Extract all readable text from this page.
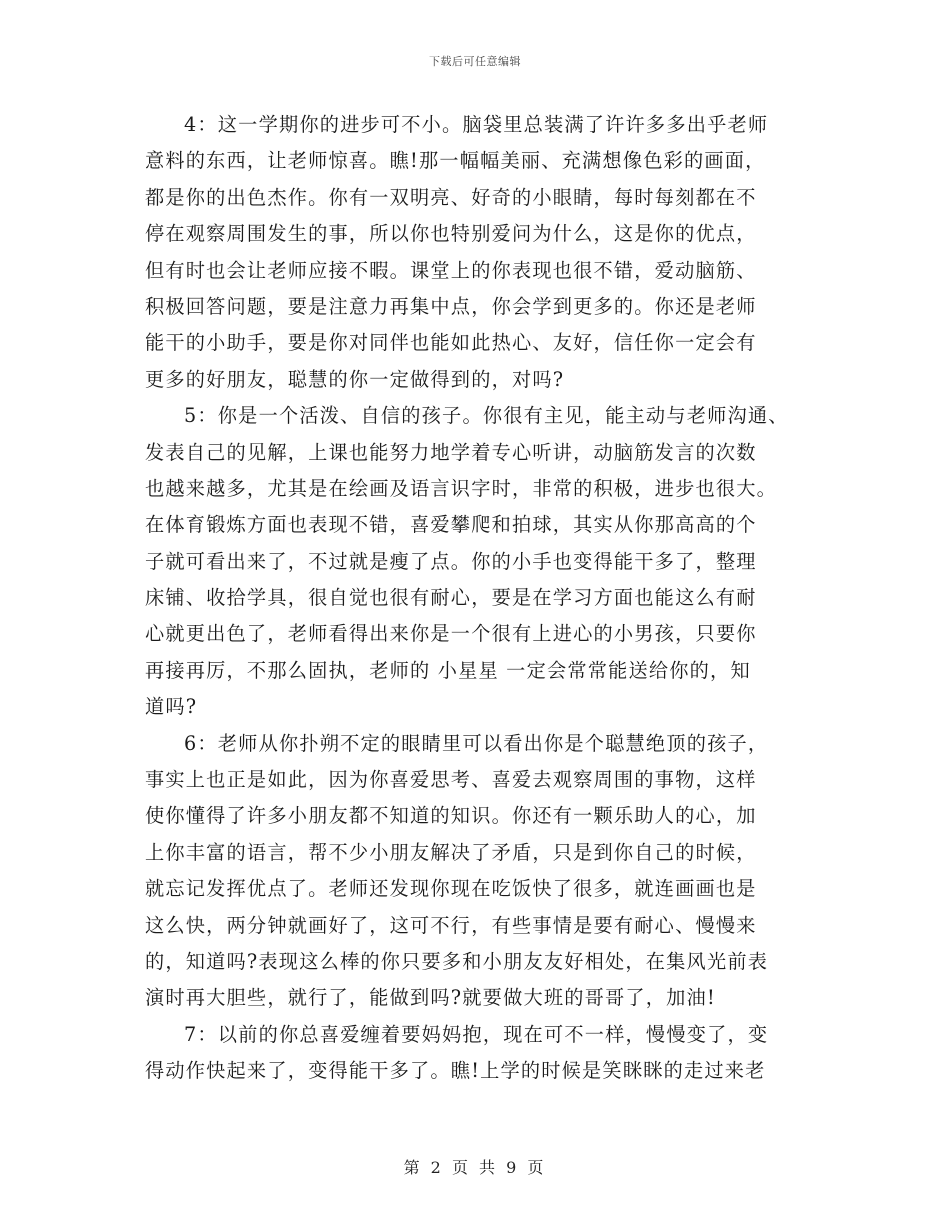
下载后可任意编辑
4：这一学期你的进步可不小。脑袋里总装满了许许多多出乎老师
意料的东西，让老师惊喜。瞧!那一幅幅美丽、充满想像色彩的画面，
都是你的出色杰作。你有一双明亮、好奇的小眼睛，每时每刻都在不
停在观察周围发生的事，所以你也特别爱问为什么，这是你的优点，
但有时也会让老师应接不暇。课堂上的你表现也很不错，爱动脑筋、
积极回答问题，要是注意力再集中点，你会学到更多的。你还是老师
能干的小助手，要是你对同伴也能如此热心、友好，信任你一定会有
更多的好朋友，聪慧的你一定做得到的，对吗?
5：你是一个活泼、自信的孩子。你很有主见，能主动与老师沟通、
发表自己的见解，上课也能努力地学着专心听讲，动脑筋发言的次数
也越来越多，尤其是在绘画及语言识字时，非常的积极，进步也很大。
在体育锻炼方面也表现不错，喜爱攀爬和拍球，其实从你那高高的个
子就可看出来了，不过就是瘦了点。你的小手也变得能干多了，整理
床铺、收拾学具，很自觉也很有耐心，要是在学习方面也能这么有耐
心就更出色了，老师看得出来你是一个很有上进心的小男孩，只要你
再接再厉，不那么固执，老师的 小星星 一定会常常能送给你的，知
道吗?
6：老师从你扑朔不定的眼睛里可以看出你是个聪慧绝顶的孩子，
事实上也正是如此，因为你喜爱思考、喜爱去观察周围的事物，这样
使你懂得了许多小朋友都不知道的知识。你还有一颗乐助人的心，加
上你丰富的语言，帮不少小朋友解决了矛盾，只是到你自己的时候，
就忘记发挥优点了。老师还发现你现在吃饭快了很多，就连画画也是
这么快，两分钟就画好了，这可不行，有些事情是要有耐心、慢慢来
的，知道吗?表现这么棒的你只要多和小朋友友好相处，在集风光前表
演时再大胆些，就行了，能做到吗?就要做大班的哥哥了，加油!
7：以前的你总喜爱缠着要妈妈抱，现在可不一样，慢慢变了，变
得动作快起来了，变得能干多了。瞧!上学的时候是笑眯眯的走过来老
第 2 页 共 9 页
